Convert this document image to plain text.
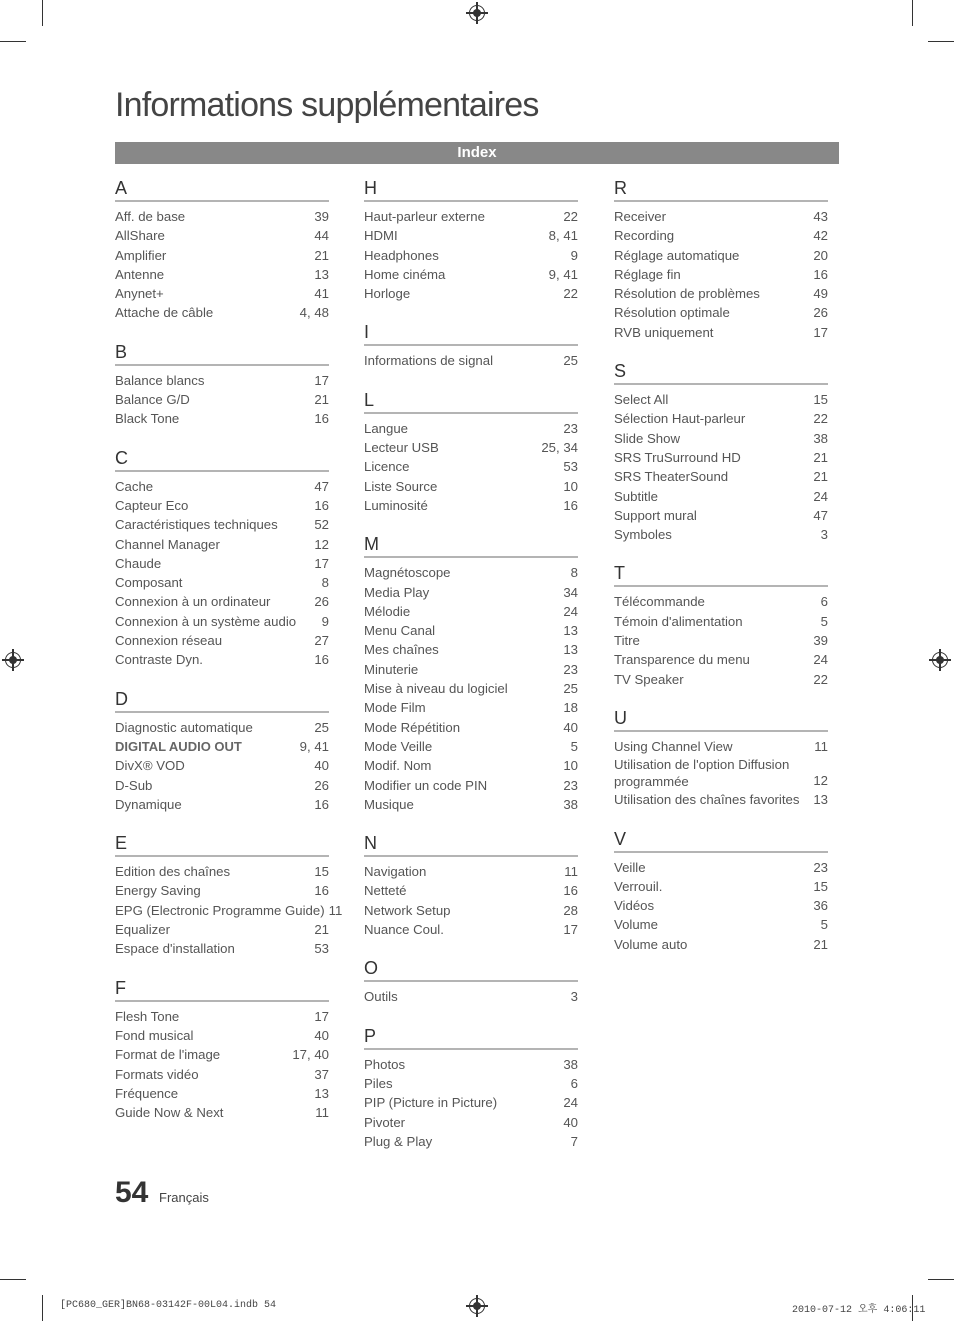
Informations supplémentaires
Index
A
Aff. de base	39
AllShare	44
Amplifier	21
Antenne	13
Anynet+	41
Attache de câble	4, 48
B
Balance blancs	17
Balance G/D	21
Black Tone	16
C
Cache	47
Capteur Eco	16
Caractéristiques techniques	52
Channel Manager	12
Chaude	17
Composant	8
Connexion à un ordinateur	26
Connexion à un système audio	9
Connexion réseau	27
Contraste Dyn.	16
D
Diagnostic automatique	25
DIGITAL AUDIO OUT	9, 41
DivX® VOD	40
D-Sub	26
Dynamique	16
E
Edition des chaînes	15
Energy Saving	16
EPG (Electronic Programme Guide) 11
Equalizer	21
Espace d'installation	53
F
Flesh Tone	17
Fond musical	40
Format de l'image	17, 40
Formats vidéo	37
Fréquence	13
Guide Now & Next	11
H
Haut-parleur externe	22
HDMI	8, 41
Headphones	9
Home cinéma	9, 41
Horloge	22
I
Informations de signal	25
L
Langue	23
Lecteur USB	25, 34
Licence	53
Liste Source	10
Luminosité	16
M
Magnétoscope	8
Media Play	34
Mélodie	24
Menu Canal	13
Mes chaînes	13
Minuterie	23
Mise à niveau du logiciel	25
Mode Film	18
Mode Répétition	40
Mode Veille	5
Modif. Nom	10
Modifier un code PIN	23
Musique	38
N
Navigation	11
Netteté	16
Network Setup	28
Nuance Coul.	17
O
Outils	3
P
Photos	38
Piles	6
PIP (Picture in Picture)	24
Pivoter	40
Plug & Play	7
R
Receiver	43
Recording	42
Réglage automatique	20
Réglage fin	16
Résolution de problèmes	49
Résolution optimale	26
RVB uniquement	17
S
Select All	15
Sélection Haut-parleur	22
Slide Show	38
SRS TruSurround HD	21
SRS TheaterSound	21
Subtitle	24
Support mural	47
Symboles	3
T
Télécommande	6
Témoin d'alimentation	5
Titre	39
Transparence du menu	24
TV Speaker	22
U
Using Channel View	11
Utilisation de l'option Diffusion programmée	12
Utilisation des chaînes favorites	13
V
Veille	23
Verrouil.	15
Vidéos	36
Volume	5
Volume auto	21
54 Français
[PC680_GER]BN68-03142F-00L04.indb 54	2010-07-12 오후 4:06:11
